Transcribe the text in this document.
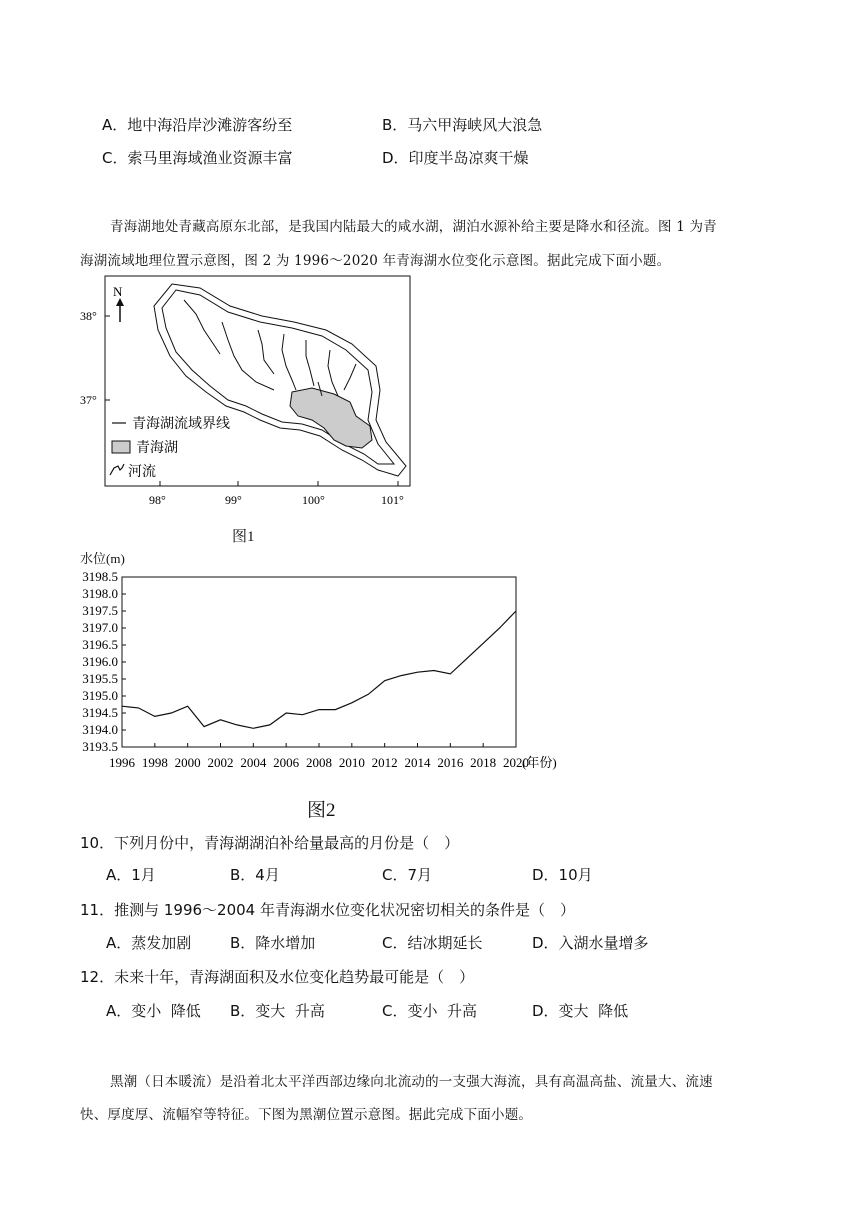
A．地中海沿岸沙滩游客纷至	B．马六甲海峡风大浪急
C．索马里海域渔业资源丰富	D．印度半岛凉爽干燥
青海湖地处青藏高原东北部，是我国内陆最大的咸水湖，湖泊水源补给主要是降水和径流。图 1 为青
海湖流域地理位置示意图，图 2 为 1996～2020 年青海湖水位变化示意图。据此完成下面小题。
N
38°
37°
98°	99°	100°	101°
青海湖流域界线
青海湖
河流
图1
水位(m)
3198.5
3198.0
3197.5
3197.0
3196.5
3196.0
3195.5
3195.0
3194.5
3194.0
3193.5
1996 1998 2000 2002 2004 2006 2008 2010 2012 2014 2016 2018 2020
(年份)
图2
10．下列月份中，青海湖湖泊补给量最高的月份是（　）
A．1月	B．4月	C．7月	D．10月
11．推测与 1996～2004 年青海湖水位变化状况密切相关的条件是（　）
A．蒸发加剧	B．降水增加	C．结冰期延长	D．入湖水量增多
12．未来十年，青海湖面积及水位变化趋势最可能是（　）
A．变小  降低 B．变大  升高	C．变小  升高	D．变大  降低
黑潮（日本暖流）是沿着北太平洋西部边缘向北流动的一支强大海流，具有高温高盐、流量大、流速
快、厚度厚、流幅窄等特征。下图为黑潮位置示意图。据此完成下面小题。
